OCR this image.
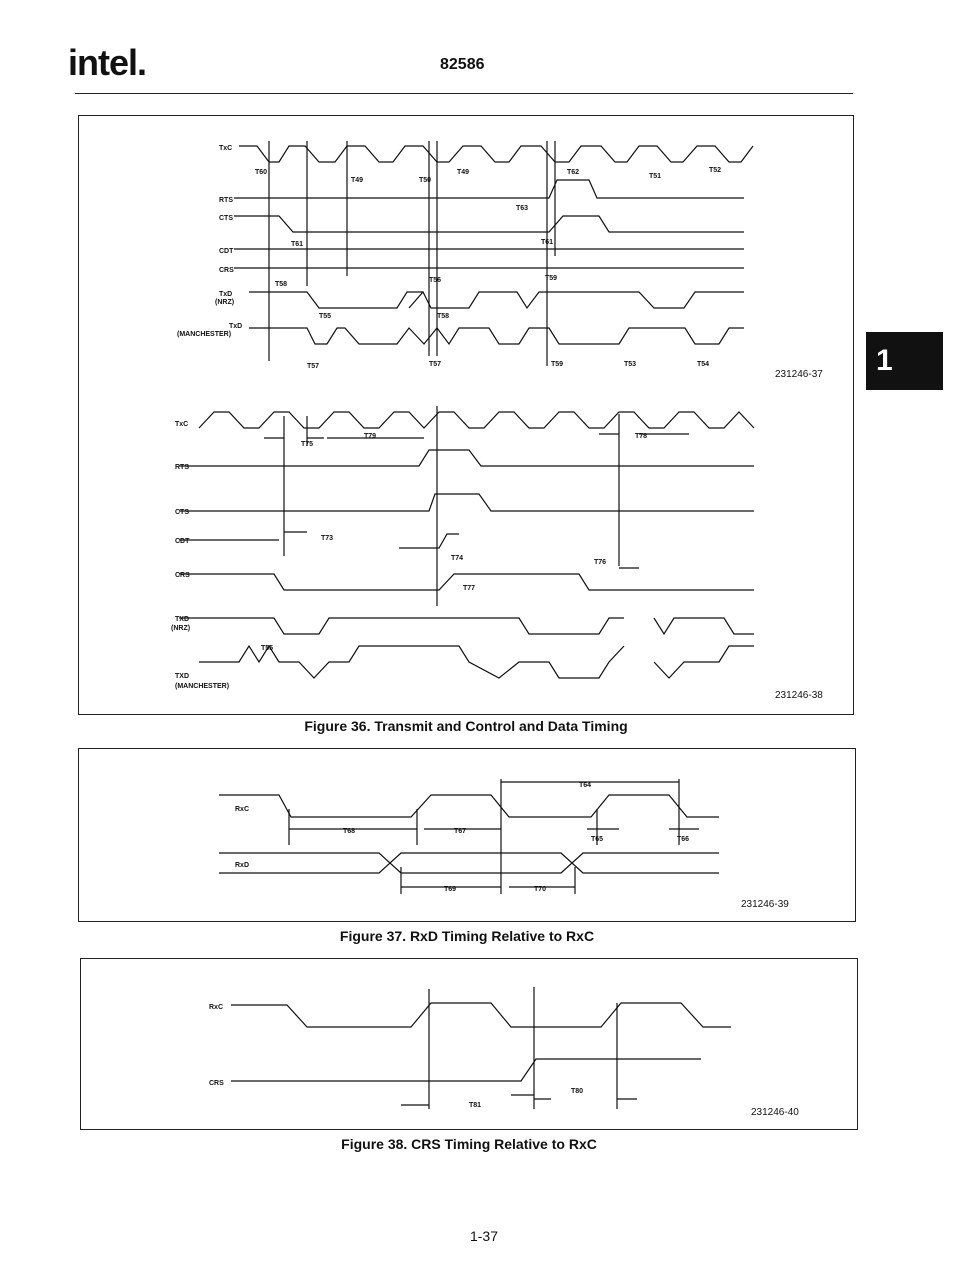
intel.	82586
1
TxC
RTS
CTS
CDT
CRS
TxD
(NRZ)
TxD
(MANCHESTER)
T60
T49	T50
T49	T62
T51
T52
T63
T61	T61
T58
T56	T59
T55	T58
T57	T57	T59	T53	T54
TxC
RTS
CTS
CDT
CRS
TXD
(NRZ)
TXD
(MANCHESTER)
T75
T79	T78
T73
T74
T76
T77
T55
231246-37
231246-38
Figure 36. Transmit and Control and Data Timing
RxC
RxD
T64
T68	T67
T65	T66
T69	T70
231246-39
Figure 37. RxD Timing Relative to RxC
RxC
CRS
T81
T80
231246-40
Figure 38. CRS Timing Relative to RxC
1-37
